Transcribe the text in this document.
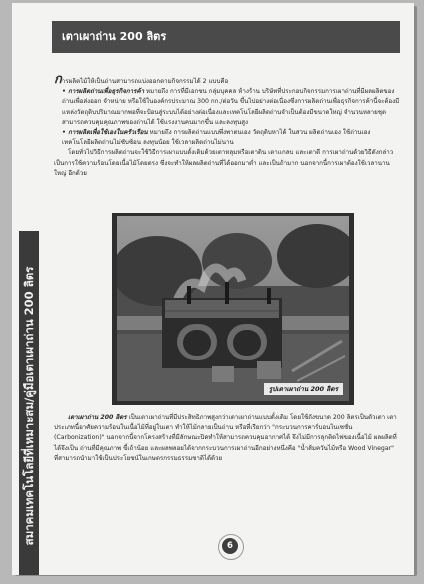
สมาคมเทคโนโลยีที่เหมาะสม/คู่มือเตาเผาถ่าน 200 ลิตร
เตาเผาถ่าน 200 ลิตร
การผลิตไม้ให้เป็นถ่านสามารถแบ่งออกตามกิจกรรมได้ 2 แบบคือ
• การผลิตถ่านเพื่อธุรกิจการค้า หมายถึง การที่มีเอกชน กลุ่มบุคคล ห้างร้าน บริษัทที่ประกอบกิจกรรมการเผาถ่านที่มีผลผลิตของถ่านเพื่อส่งออก จำหน่าย หรือใช้ในองค์กรประมาณ 300 กก./ต่อวัน ขึ้นไปอย่างต่อเนื่องซึ่งการผลิตถ่านเพื่อธุรกิจการค้านี้จะต้องมีแหล่งวัตถุดิบปริมาณมากพอที่จะป้อนสู่ระบบได้อย่างต่อเนื่องและเทคโนโลยีผลิตถ่านจำเป็นต้องมีขนาดใหญ่ จำนวนหลายชุด สามารถควบคุมคุณภาพของถ่านได้ ใช้แรงงานคนมากขึ้น และลงทุนสูง
• การผลิตเพื่อใช้เองในครัวเรือน หมายถึง การผลิตถ่านแบบพึ่งพาตนเอง วัตถุดิบหาได้ ในสวน ผลิตถ่านเอง ใช้ถ่านเอง เทคโนโลยีผลิตถ่านไม่ซับซ้อน ลงทุนน้อย ใช้เวลาผลิตถ่านไม่นาน
โดยทั่วไปวิธีการผลิตถ่านจะใช้วิธีการเผาแบบดั้งเดิมด้วยเตาหลุมหรือเตาดิน เตาเเกลบ และเตาดี การเผาถ่านด้วยวิธีดังกล่าวเป็นการใช้ความร้อนโดยเนื้อไม้โดยตรง ซึ่งจะทำให้ผลผลิตถ่านที่ได้ออกมาต่ำ และเป็นถ้ามาก นอกจากนี้การเผาต้องใช้เวลานานใหญ่ อีกด้วย
รูปเตาเผาถ่าน 200 ลิตร
เตาเผาถ่าน 200 ลิตร เป็นเตาเผาถ่านที่มีประสิทธิภาพสูงกว่าเตาเผาถ่านแบบดั้งเดิม โดยใช้ถังขนาด 200 ลิตรเป็นตัวเตา เตาประเภทนี้อาศัยความร้อนในเนื้อไม้ที่อยู่ในเตา ทำให้ไม้กลายเป็นถ่าน หรือที่เรียกว่า "กระบวนการคาร์บอนไนเซชั่น (Carbonization)" นอกจากนี้จากโครงสร้างที่มีลักษณะปิดทำให้สามารถควบคุมอากาศได้ จึงไม่มีการลุกติดไฟของเนื้อไม้ ผลผลิตที่ได้จึงเป็น ถ่านที่มีคุณภาพ ขี้เถ้าน้อย และผลพลอยได้จากกระบวนการเผาถ่านอีกอย่างหนึ่งคือ "น้ำส้มควันไม้หรือ Wood Vinegar" ที่สามารถนำมาใช้เป็นประโยชน์ในเกษตรกรรมธรรมชาติได้ด้วย
6
